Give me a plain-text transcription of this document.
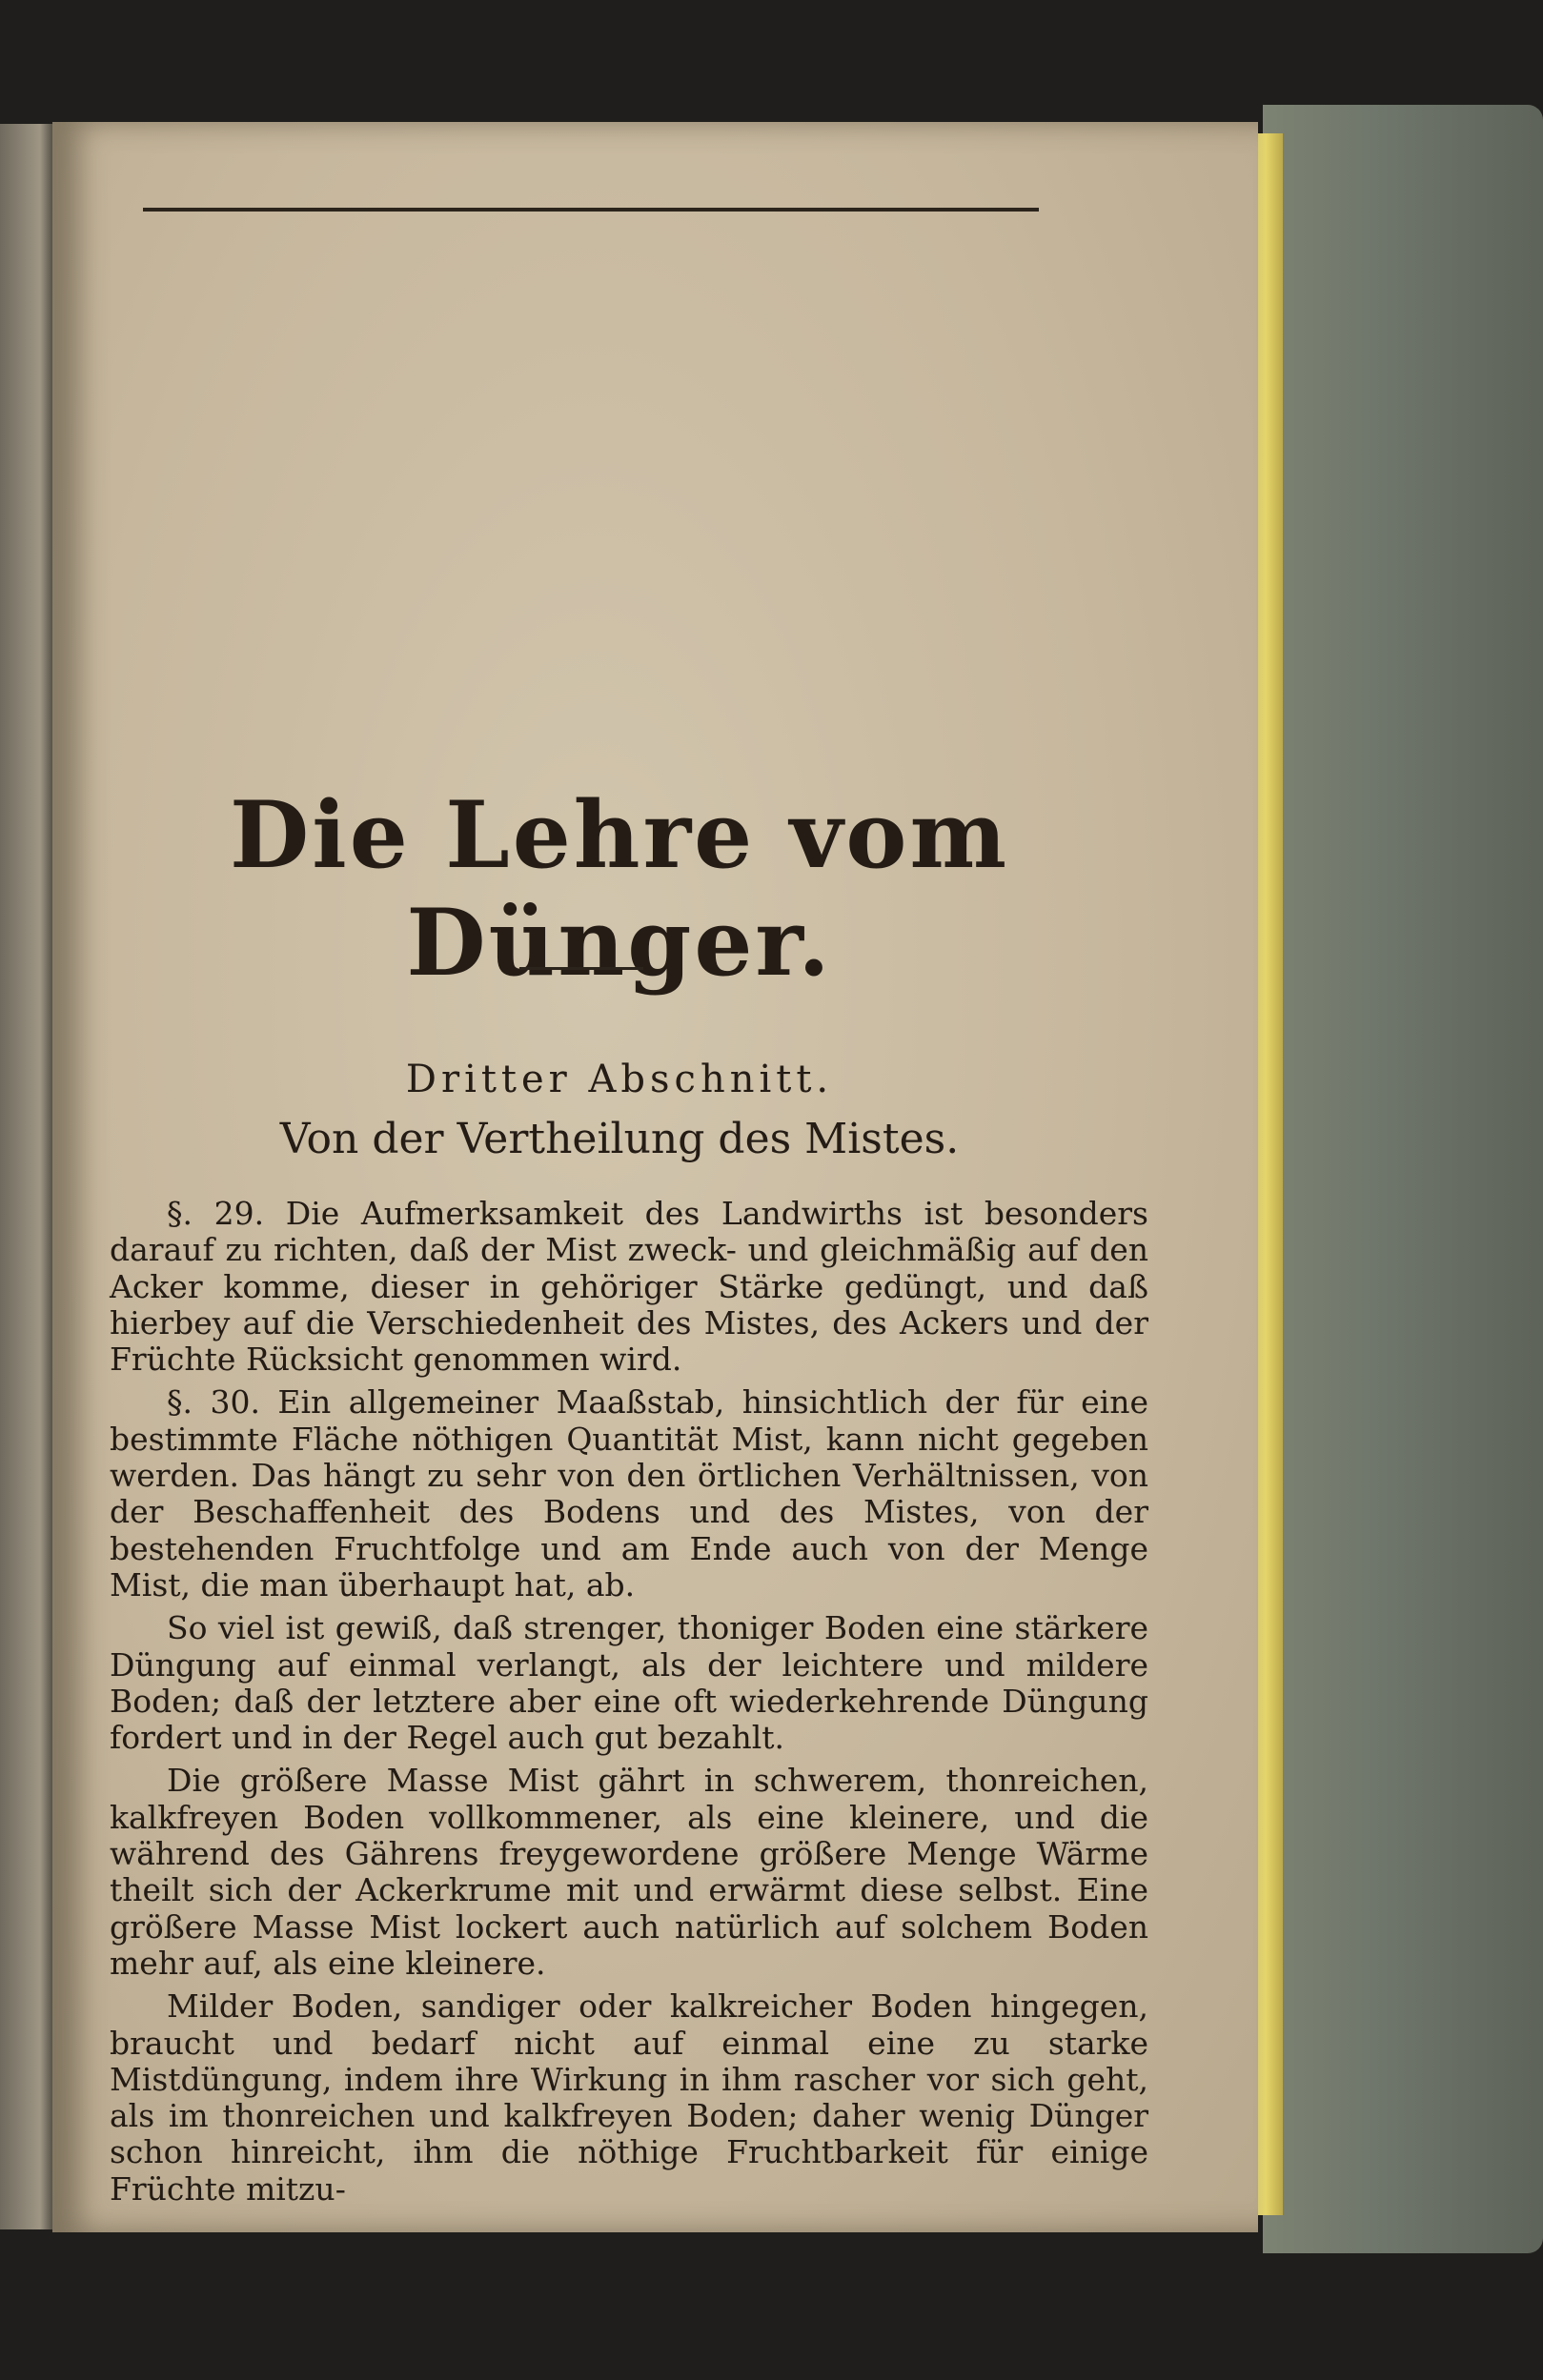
Die Lehre vom Dünger.
Dritter Abschnitt.
Von der Vertheilung des Mistes.

§. 29. Die Aufmerksamkeit des Landwirths ist besonders darauf zu richten, daß der Mist zweck- und gleichmäßig auf den Acker komme, dieser in gehöriger Stärke gedüngt, und daß hierbey auf die Verschiedenheit des Mistes, des Ackers und der Früchte Rücksicht genommen wird.

§. 30. Ein allgemeiner Maaßstab, hinsichtlich der für eine bestimmte Fläche nöthigen Quantität Mist, kann nicht gegeben werden. Das hängt zu sehr von den örtlichen Verhältnissen, von der Beschaffenheit des Bodens und des Mistes, von der bestehenden Fruchtfolge und am Ende auch von der Menge Mist, die man überhaupt hat, ab.

So viel ist gewiß, daß strenger, thoniger Boden eine stärkere Düngung auf einmal verlangt, als der leichtere und mildere Boden; daß der letztere aber eine oft wiederkehrende Düngung fordert und in der Regel auch gut bezahlt.

Die größere Masse Mist gährt in schwerem, thonreichen, kalkfreyen Boden vollkommener, als eine kleinere, und die während des Gährens freygewordene größere Menge Wärme theilt sich der Ackerkrume mit und erwärmt diese selbst. Eine größere Masse Mist lockert auch natürlich auf solchem Boden mehr auf, als eine kleinere.

Milder Boden, sandiger oder kalkreicher Boden hingegen, braucht und bedarf nicht auf einmal eine zu starke Mistdüngung, indem ihre Wirkung in ihm rascher vor sich geht, als im thonreichen und kalkfreyen Boden; daher wenig Dünger schon hinreicht, ihm die nöthige Fruchtbarkeit für einige Früchte mitzu-
